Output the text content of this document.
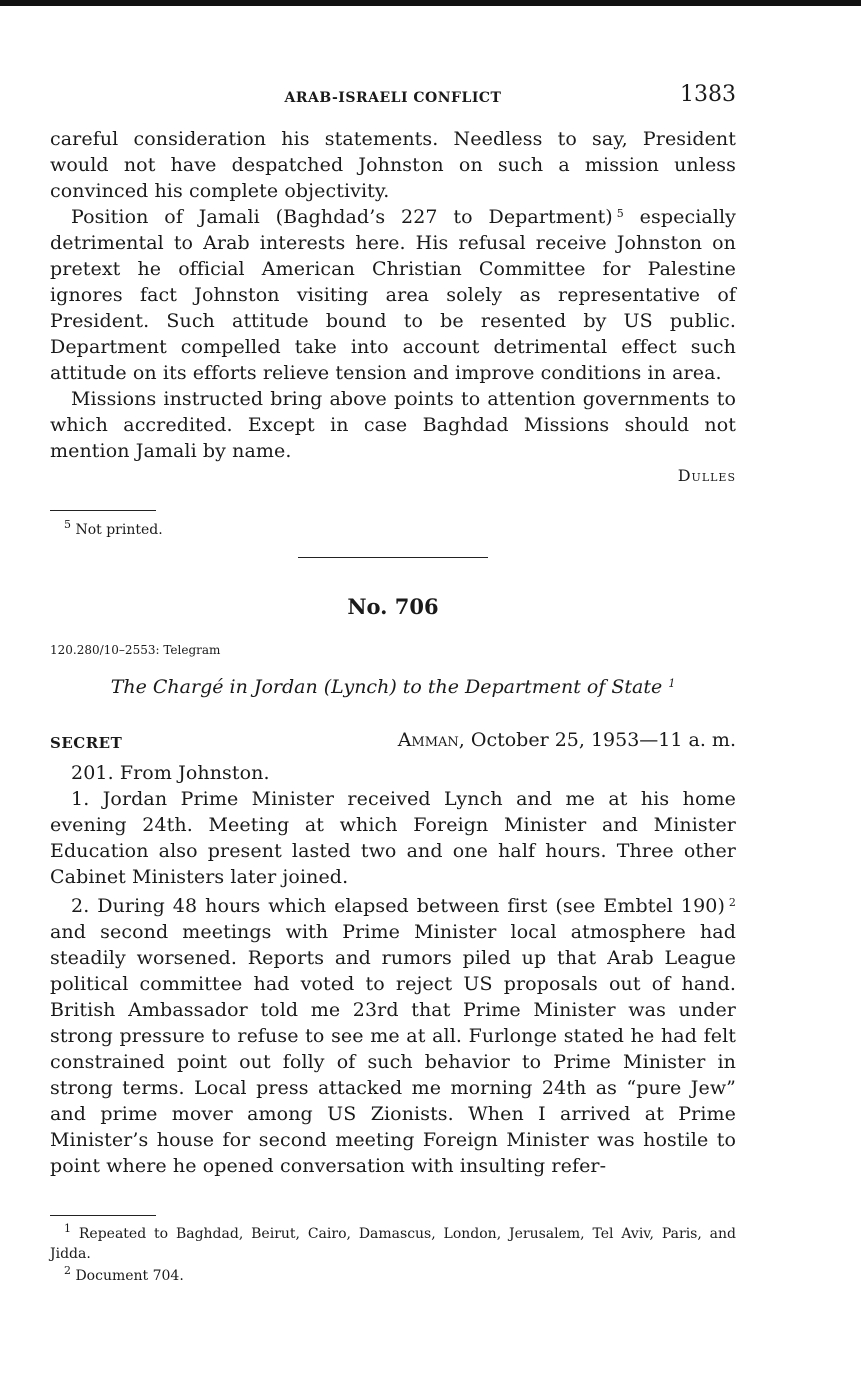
ARAB-ISRAELI CONFLICT	1383

careful consideration his statements. Needless to say, President would not have despatched Johnston on such a mission unless convinced his complete objectivity.

Position of Jamali (Baghdad’s 227 to Department)  $^5$ especially detrimental to Arab interests here. His refusal receive Johnston on pretext he official American Christian Committee for Palestine ignores fact Johnston visiting area solely as representative of President. Such attitude bound to be resented by US public. Department compelled take into account detrimental effect such attitude on its efforts relieve tension and improve conditions in area.

Missions instructed bring above points to attention governments to which accredited. Except in case Baghdad Missions should not mention Jamali by name.

Dulles

$^5$ Not printed.

No. 706
120.280/10–2553: Telegram
The Chargé in Jordan (Lynch) to the Department of State $^1$
SECRET	Amman, October 25, 1953—11 a. m.

201. From Johnston.

1. Jordan Prime Minister received Lynch and me at his home evening 24th. Meeting at which Foreign Minister and Minister Education also present lasted two and one half hours. Three other Cabinet Ministers later joined.

2. During 48 hours which elapsed between first (see Embtel 190)  $^2$ and second meetings with Prime Minister local atmosphere had steadily worsened. Reports and rumors piled up that Arab League political committee had voted to reject US proposals out of hand. British Ambassador told me 23rd that Prime Minister was under strong pressure to refuse to see me at all. Furlonge stated he had felt constrained point out folly of such behavior to Prime Minister in strong terms. Local press attacked me morning 24th as “pure Jew” and prime mover among US Zionists. When I arrived at Prime Minister’s house for second meeting Foreign Minister was hostile to point where he opened conversation with insulting refer-

$^1$ Repeated to Baghdad, Beirut, Cairo, Damascus, London, Jerusalem, Tel Aviv, Paris, and Jidda.

$^2$ Document 704.
